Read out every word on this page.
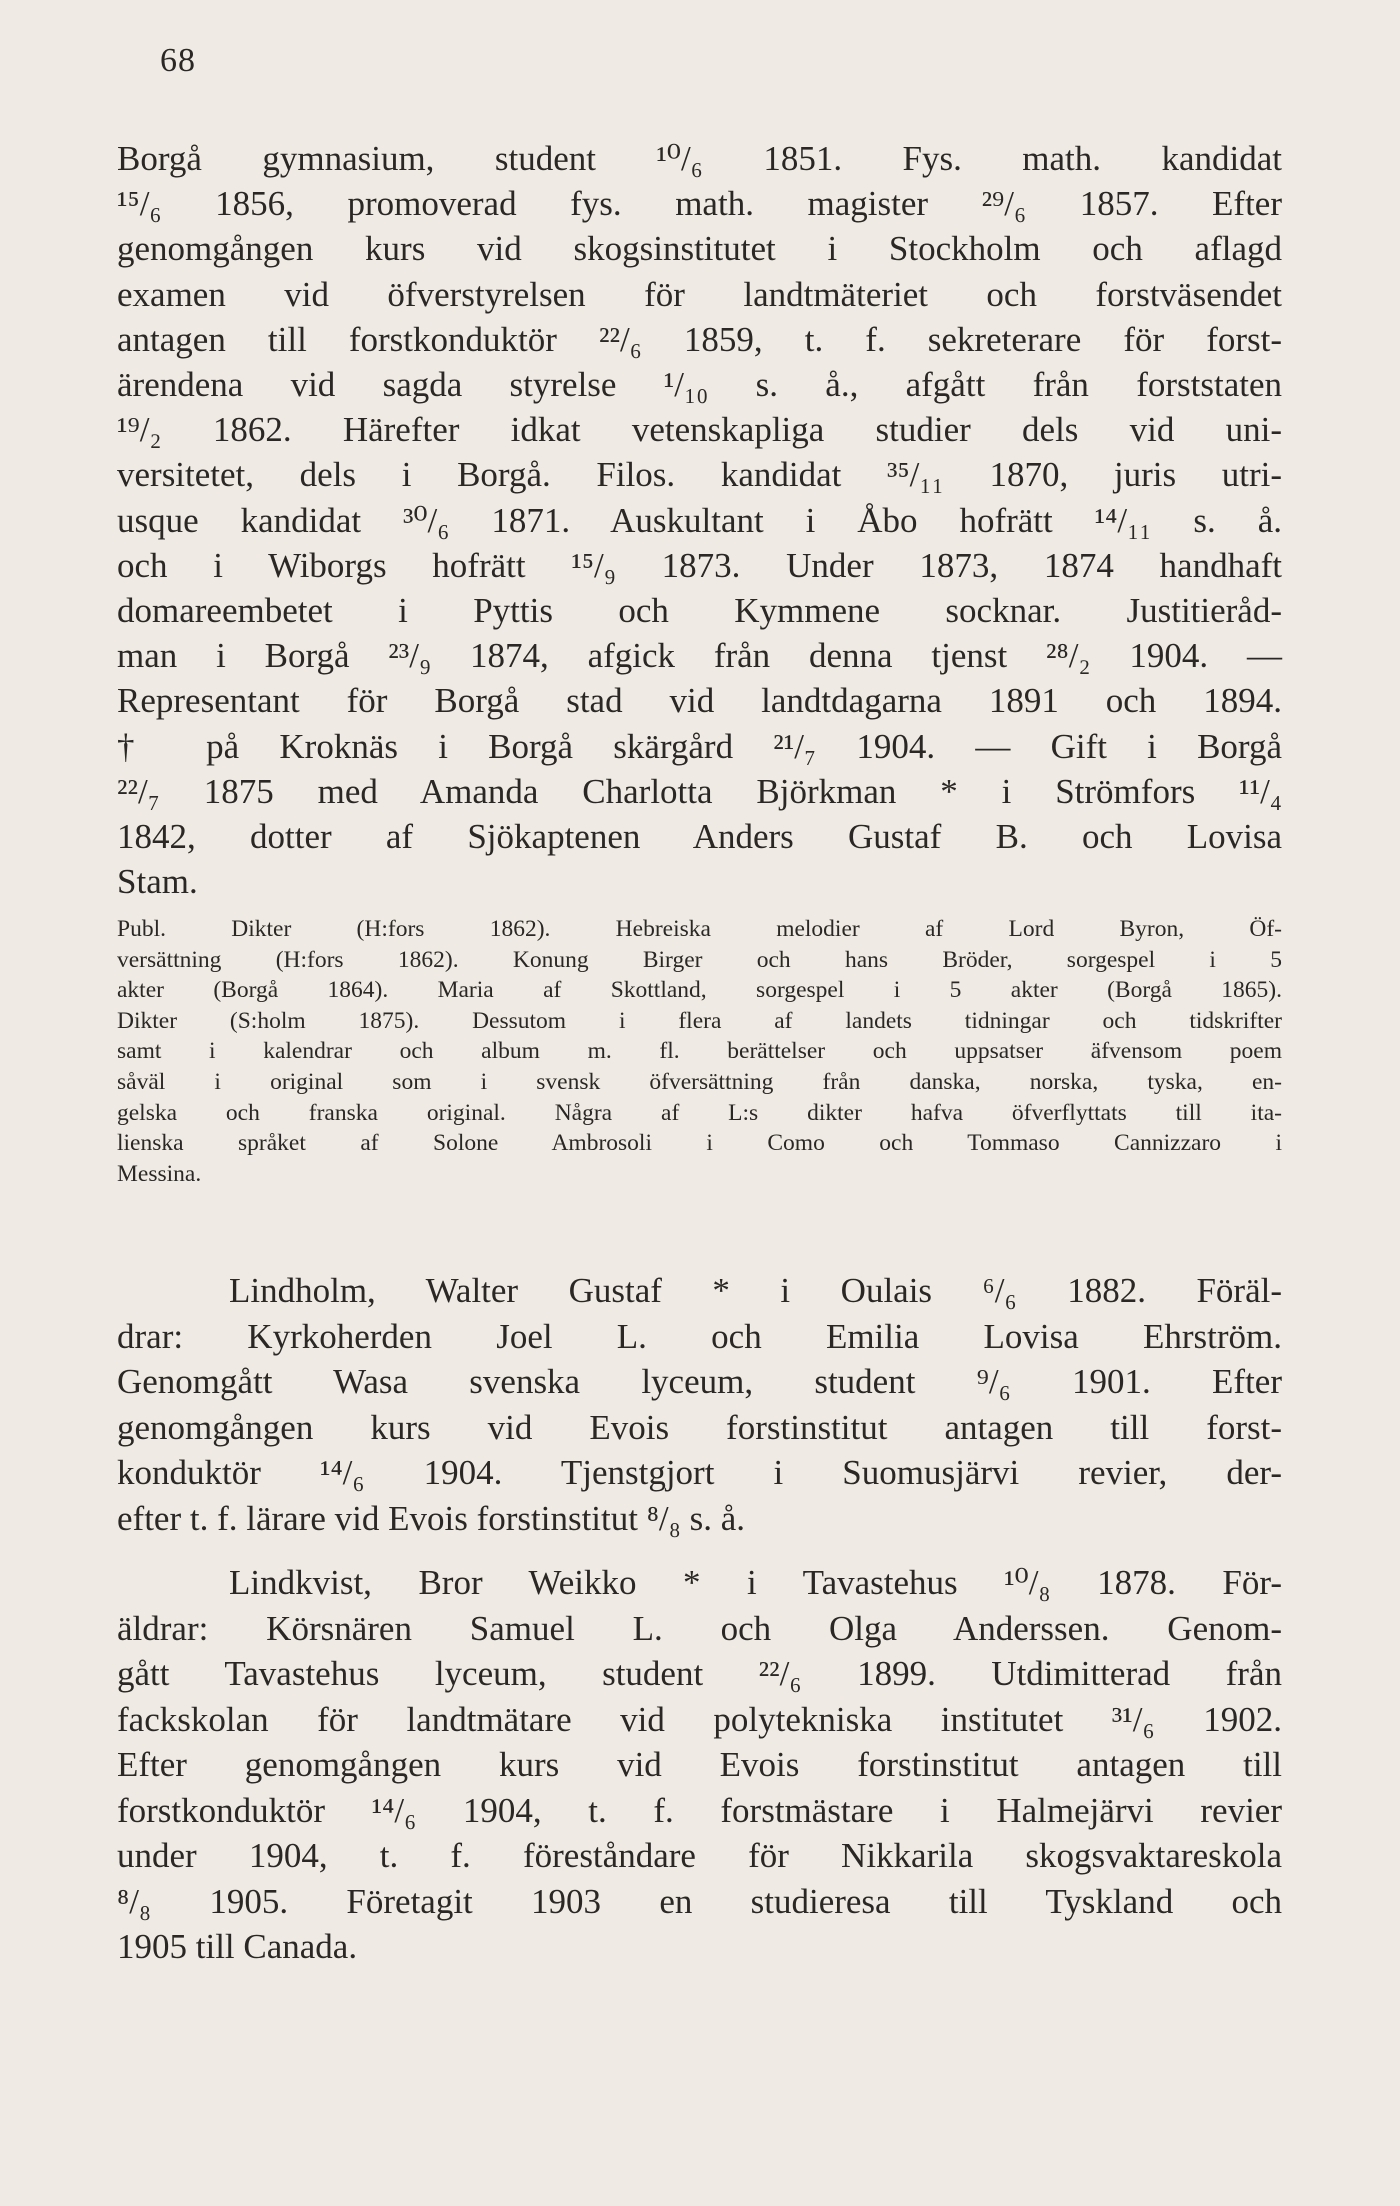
68
Borgå gymnasium, student ¹⁰/₆ 1851. Fys. math. kandidat
¹⁵/₆ 1856, promoverad fys. math. magister ²⁹/₆ 1857. Efter
genomgången kurs vid skogsinstitutet i Stockholm och aflagd
examen vid öfverstyrelsen för landtmäteriet och forstväsendet
antagen till forstkonduktör ²²/₆ 1859, t. f. sekreterare för forst-
ärendena vid sagda styrelse ¹/₁₀ s. å., afgått från forststaten
¹⁹/₂ 1862. Härefter idkat vetenskapliga studier dels vid uni-
versitetet, dels i Borgå. Filos. kandidat ³⁵/₁₁ 1870, juris utri-
usque kandidat ³⁰/₆ 1871. Auskultant i Åbo hofrätt ¹⁴/₁₁ s. å.
och i Wiborgs hofrätt ¹⁵/₉ 1873. Under 1873, 1874 handhaft
domareembetet i Pyttis och Kymmene socknar. Justitieråd-
man i Borgå ²³/₉ 1874, afgick från denna tjenst ²⁸/₂ 1904. —
Representant för Borgå stad vid landtdagarna 1891 och 1894.
† på Kroknäs i Borgå skärgård ²¹/₇ 1904. — Gift i Borgå
²²/₇ 1875 med Amanda Charlotta Björkman * i Strömfors ¹¹/₄
1842, dotter af Sjökaptenen Anders Gustaf B. och Lovisa
Stam.
Publ. Dikter (H:fors 1862). Hebreiska melodier af Lord Byron, Öf-
versättning (H:fors 1862). Konung Birger och hans Bröder, sorgespel i 5
akter (Borgå 1864). Maria af Skottland, sorgespel i 5 akter (Borgå 1865).
Dikter (S:holm 1875). Dessutom i flera af landets tidningar och tidskrifter
samt i kalendrar och album m. fl. berättelser och uppsatser äfvensom poem
såväl i original som i svensk öfversättning från danska, norska, tyska, en-
gelska och franska original. Några af L:s dikter hafva öfverflyttats till ita-
lienska språket af Solone Ambrosoli i Como och Tommaso Cannizzaro i
Messina.
Lindholm, Walter Gustaf * i Oulais ⁶/₆ 1882. Föräl-
drar: Kyrkoherden Joel L. och Emilia Lovisa Ehrström.
Genomgått Wasa svenska lyceum, student ⁹/₆ 1901. Efter
genomgången kurs vid Evois forstinstitut antagen till forst-
konduktör ¹⁴/₆ 1904. Tjenstgjort i Suomusjärvi revier, der-
efter t. f. lärare vid Evois forstinstitut ⁸/₈ s. å.
Lindkvist, Bror Weikko * i Tavastehus ¹⁰/₈ 1878. För-
äldrar: Körsnären Samuel L. och Olga Anderssen. Genom-
gått Tavastehus lyceum, student ²²/₆ 1899. Utdimitterad från
fackskolan för landtmätare vid polytekniska institutet ³¹/₆ 1902.
Efter genomgången kurs vid Evois forstinstitut antagen till
forstkonduktör ¹⁴/₆ 1904, t. f. forstmästare i Halmejärvi revier
under 1904, t. f. föreståndare för Nikkarila skogsvaktareskola
⁸/₈ 1905. Företagit 1903 en studieresa till Tyskland och
1905 till Canada.
